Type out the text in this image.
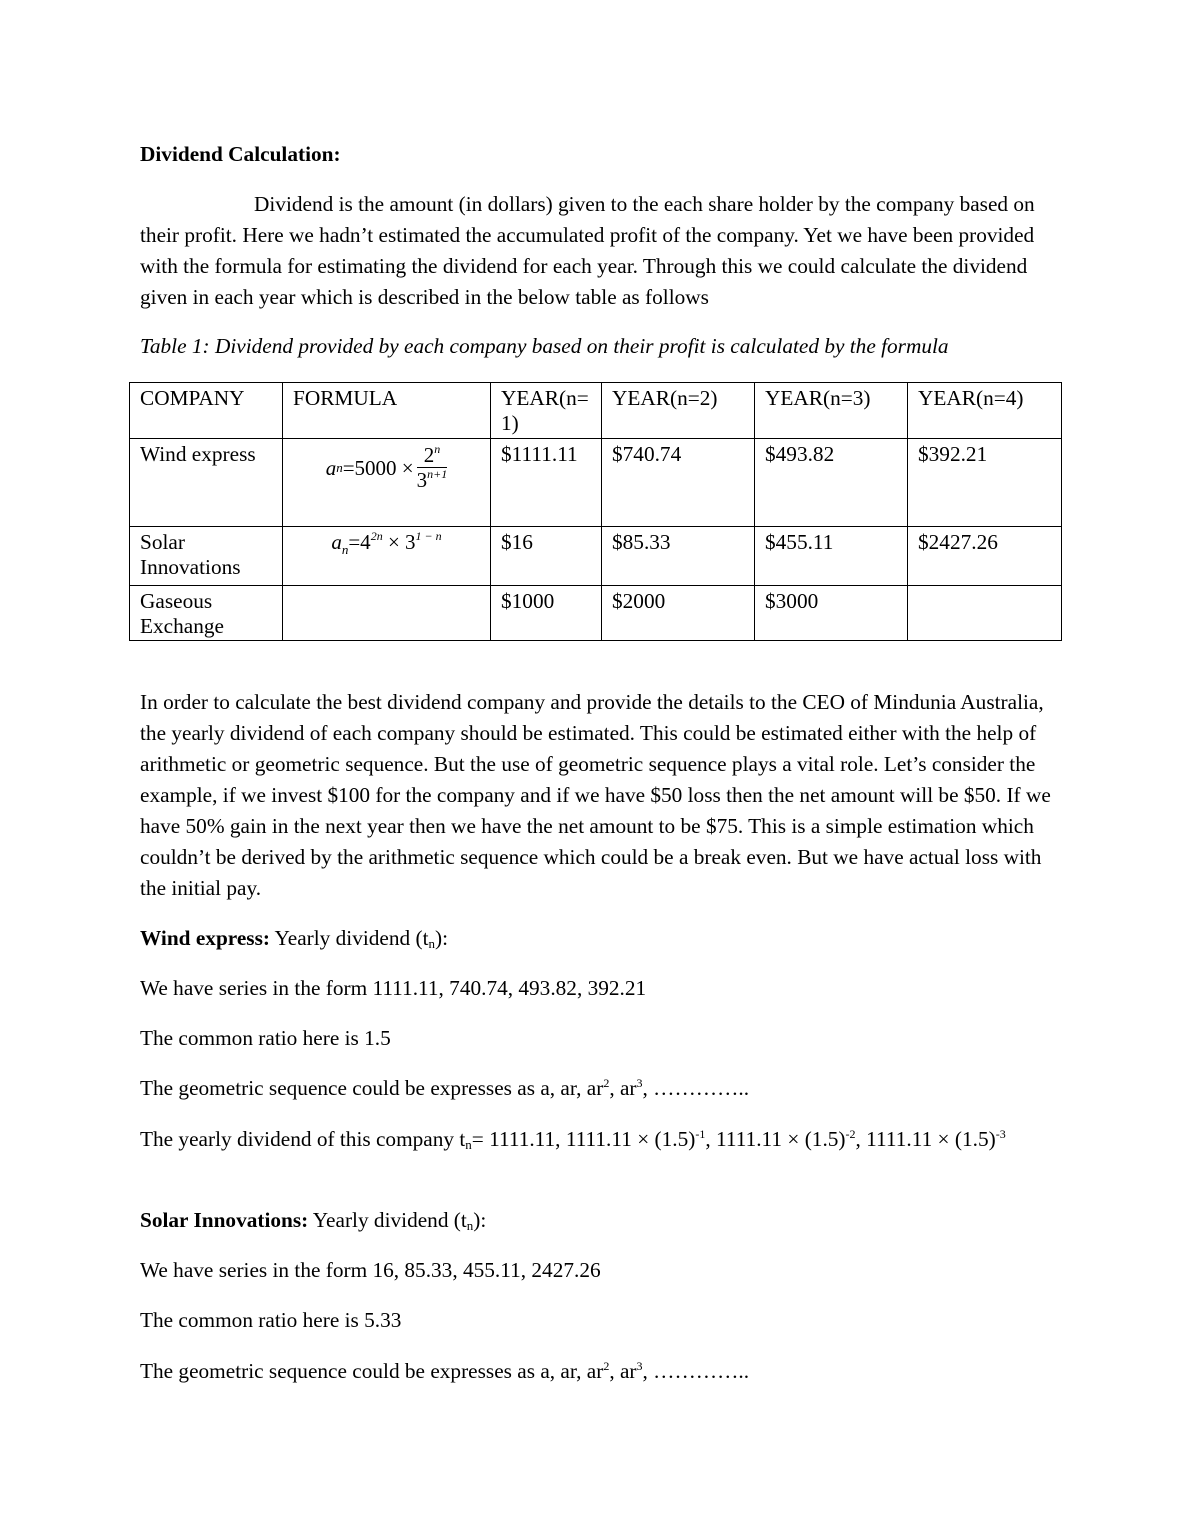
Dividend Calculation:

Dividend is the amount (in dollars) given to the each share holder by the company based on their profit. Here we hadn’t estimated the accumulated profit of the company. Yet we have been provided with the formula for estimating the dividend for each year. Through this we could calculate the dividend given in each year which is described in the below table as follows

Table 1: Dividend provided by each company based on their profit is calculated by the formula

COMPANY	FORMULA	YEAR(n=1)	YEAR(n=2)	YEAR(n=3)	YEAR(n=4)
Wind express	a $n =5000 \times \frac{2^n}{3^{n+1}}$	$1111.11	$740.74	$493.82	$392.21
Solar Innovations	$a_n=4^{2n} \times 3^{1 - n}$	$16	$85.33	$455.11	$2427.26
Gaseous Exchange		$1000	$2000	$3000	

In order to calculate the best dividend company and provide the details to the CEO of Mindunia Australia, the yearly dividend of each company should be estimated. This could be estimated either with the help of arithmetic or geometric sequence. But the use of geometric sequence plays a vital role. Let’s consider the example, if we invest $100 for the company and if we have $50 loss then the net amount will be $50. If we have 50% gain in the next year then we have the net amount to be $75. This is a simple estimation which couldn’t be derived by the arithmetic sequence which could be a break even. But we have actual loss with the initial pay.

Wind express: Yearly dividend (tn):

We have series in the form 1111.11, 740.74, 493.82, 392.21

The common ratio here is 1.5

The geometric sequence could be expresses as a, ar, $ar^2$, $ar^3$, …………..

The yearly dividend of this company tn= 1111.11, $1111.11 \times (1.5)^{-1}$, $1111.11 \times (1.5)^{-2}$, $1111.11 \times (1.5)^{-3}$

Solar Innovations: Yearly dividend (tn):

We have series in the form 16, 85.33, 455.11, 2427.26

The common ratio here is 5.33

The geometric sequence could be expresses as a, ar, $ar^2$, $ar^3$, …………..
